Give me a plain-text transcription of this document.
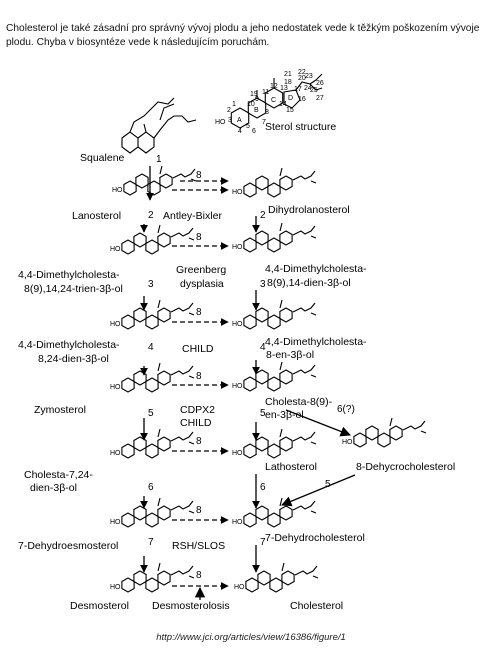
Cholesterol je také zásadní pro správný vývoj plodu a jeho nedostatek vede k těžkým poškozením vývoje plodu. Chyba v biosyntéze vede k následujícím poruchám.
Sterol structure
HO A
B
C D
1
2
3
4
5
6
7
8
9
10
11
12 13
14
15
16
17
18
19
20
21 22
23
24
25
26
27
HO
HO
HO
HO
HO
HO
HO
HO
HO
HO
HO
HO
HO
HO
HO
Squalene
Lanosterol	Dihydrolanosterol
4,4-Dimethylcholesta-
8(9),14,24-trien-3β-ol
4,4-Dimethylcholesta-
8(9),14-dien-3β-ol
4,4-Dimethylcholesta-
8,24-dien-3β-ol
4,4-Dimethylcholesta-
8-en-3β-ol
Zymosterol
Cholesta-8(9)-
en-3β-ol
Cholesta-7,24-
dien-3β-ol
Lathosterol	8-Dehycrocholesterol
7-Dehydroesmosterol
7-Dehydrocholesterol
Desmosterol	Cholesterol
Antley-Bixler
Greenberg
dysplasia
CHILD
CDPX2
CHILD
RSH/SLOS
Desmosterolosis
1
2
3
4
5
6
7
2
3
4
5
6
7
8
8
8
8
8
8
8
6(?)
5
http://www.jci.org/articles/view/16386/figure/1
